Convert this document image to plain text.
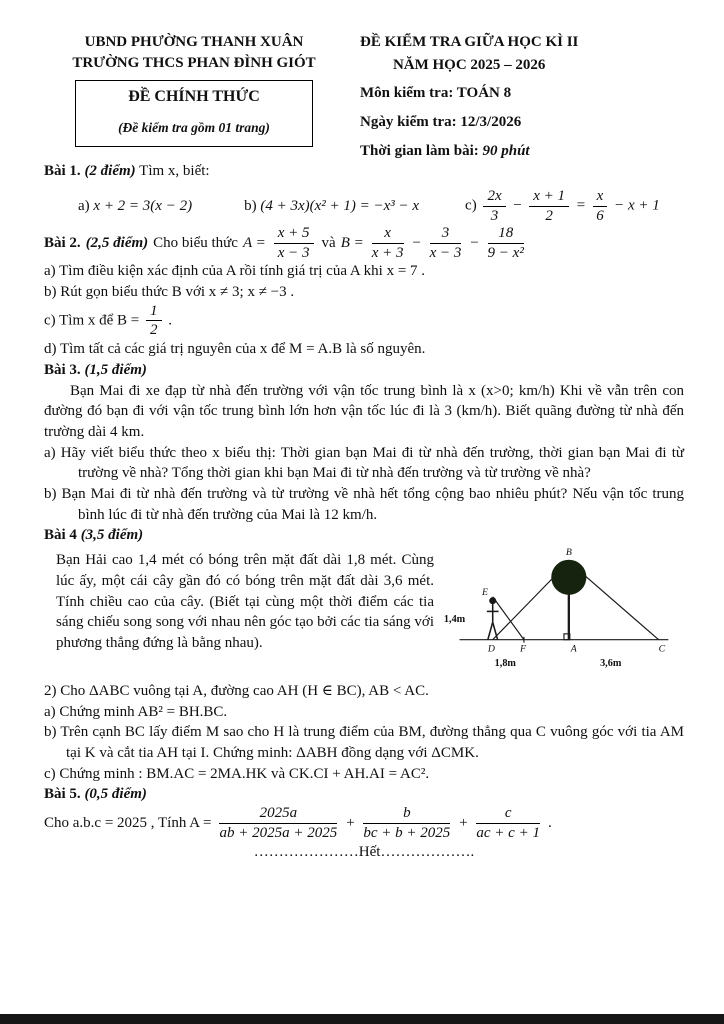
UBND PHƯỜNG THANH XUÂN
TRƯỜNG THCS PHAN ĐÌNH GIÓT
ĐỀ CHÍNH THỨC
(Đề kiểm tra gồm 01 trang)
ĐỀ KIỂM TRA GIỮA HỌC KÌ II
NĂM HỌC 2025 – 2026
Môn kiểm tra: TOÁN 8
Ngày kiểm tra: 12/3/2026
Thời gian làm bài: 90 phút

Bài 1. (2 điểm) Tìm x, biết:

a) x + 2 = 3(x − 2)	b) (4 + 3x)(x² + 1) = −x³ − x	$c) \frac{2x}{3} - \frac{x + 1}{2} = \frac{x}{6} - x + 1$

Bài 2. (2,5 điểm) Cho biểu thức $A = \frac{x + 5}{x - 3}$ và $B = \frac{x}{x + 3} - \frac{3}{x - 3} - \frac{18}{\text{9 − x²}}$

a) Tìm điều kiện xác định của A rồi tính giá trị của A khi x = 7 .

b) Rút gọn biểu thức B với x ≠ 3; x ≠ −3 .

c) Tìm x để $B = \frac{1}{2}$ .

d) Tìm tất cả các giá trị nguyên của x để M = A.B là số nguyên.

Bài 3. (1,5 điểm)

Bạn Mai đi xe đạp từ nhà đến trường với vận tốc trung bình là x (x>0; km/h) Khi về vẫn trên con đường đó bạn đi với vận tốc trung bình lớn hơn vận tốc lúc đi là 3 (km/h). Biết quãng đường từ nhà đến trường dài 4 km.

a) Hãy viết biểu thức theo x biểu thị: Thời gian bạn Mai đi từ nhà đến trường, thời gian bạn Mai đi từ trường về nhà? Tổng thời gian khi bạn Mai đi từ nhà đến trường và từ trường về nhà?

b) Bạn Mai đi từ nhà đến trường và từ trường về nhà hết tổng cộng bao nhiêu phút? Nếu vận tốc trung bình lúc đi từ nhà đến trường của Mai là 12 km/h.

Bài 4 (3,5 điểm)

Bạn Hải cao 1,4 mét có bóng trên mặt đất dài 1,8 mét. Cùng lúc ấy, một cái cây gần đó có bóng trên mặt đất dài 3,6 mét. Tính chiều cao của cây. (Biết tại cùng một thời điểm các tia sáng chiếu song song với nhau nên góc tạo bởi các tia sáng với phương thẳng đứng là bằng nhau).
B
E
D	F	A	C
1,4m
1,8m	3,6m

2) Cho ΔABC vuông tại A, đường cao AH (H ∈ BC), AB < AC.

a) Chứng minh AB² = BH.BC.

b) Trên cạnh BC lấy điểm M sao cho H là trung điểm của BM, đường thẳng qua C vuông góc với tia AM tại K và cắt tia AH tại I. Chứng minh: ΔABH đồng dạng với ΔCMK.

c) Chứng minh : BM.AC = 2MA.HK và CK.CI + AH.AI = AC².

Bài 5. (0,5 điểm)

Cho a.b.c = 2025 , Tính $A = \frac{2025a}{ab + 2025a + 2025} + \frac{b}{bc + b + 2025} + \frac{c}{ac + c + 1}$ .

…………………Hết……………….
